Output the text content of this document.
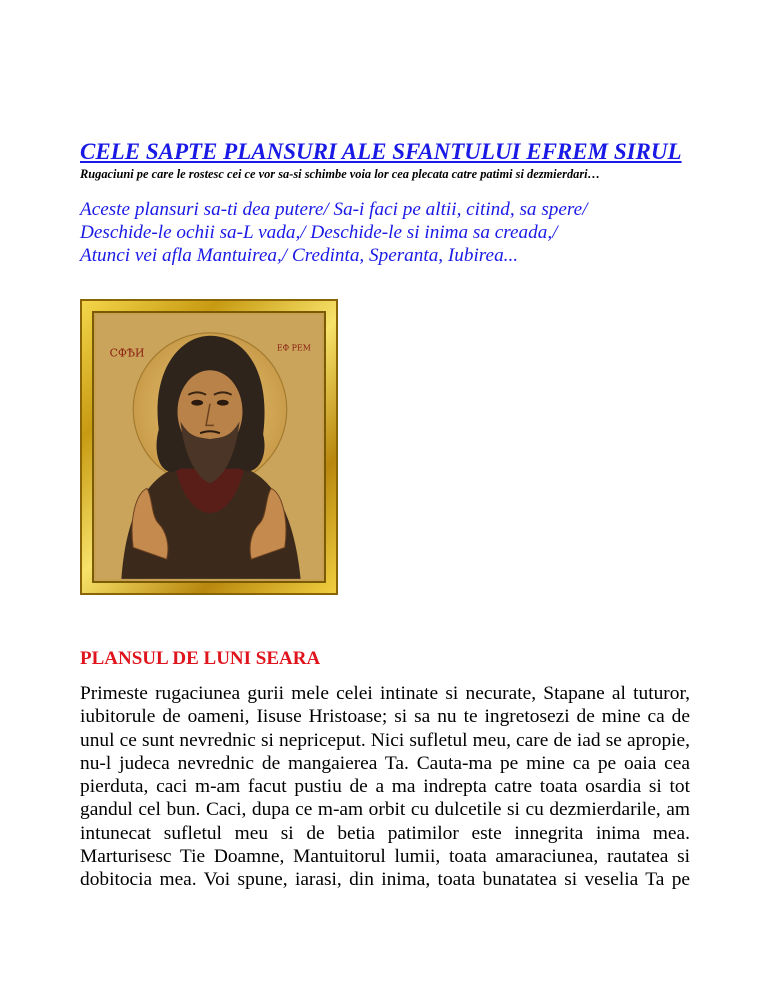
CELE SAPTE PLANSURI ALE SFANTULUI EFREM SIRUL
Rugaciuni pe care le rostesc cei ce vor sa-si schimbe voia lor cea plecata catre patimi si dezmierdari…
Aceste plansuri sa-ti dea putere/ Sa-i faci pe altii, citind, sa spere/
Deschide-le ochii sa-L vada,/ Deschide-le si inima sa creada,/
Atunci vei afla Mantuirea,/ Credinta, Speranta, Iubirea...
СФѢИ	ЕФ РЕМ
PLANSUL DE LUNI SEARA
Primeste rugaciunea gurii mele celei intinate si necurate, Stapane al tuturor,
iubitorule de oameni, Iisuse Hristoase; si sa nu te ingretosezi de mine ca de
unul ce sunt nevrednic si nepriceput. Nici sufletul meu, care de iad se apropie,
nu-l judeca nevrednic de mangaierea Ta. Cauta-ma pe mine ca pe oaia cea
pierduta, caci m-am facut pustiu de a ma indrepta catre toata osardia si tot
gandul cel bun. Caci, dupa ce m-am orbit cu dulcetile si cu dezmierdarile, am
intunecat sufletul meu si de betia patimilor este innegrita inima mea.
Marturisesc Tie Doamne, Mantuitorul lumii, toata amaraciunea, rautatea si
dobitocia mea. Voi spune, iarasi, din inima, toata bunatatea si veselia Ta pe
